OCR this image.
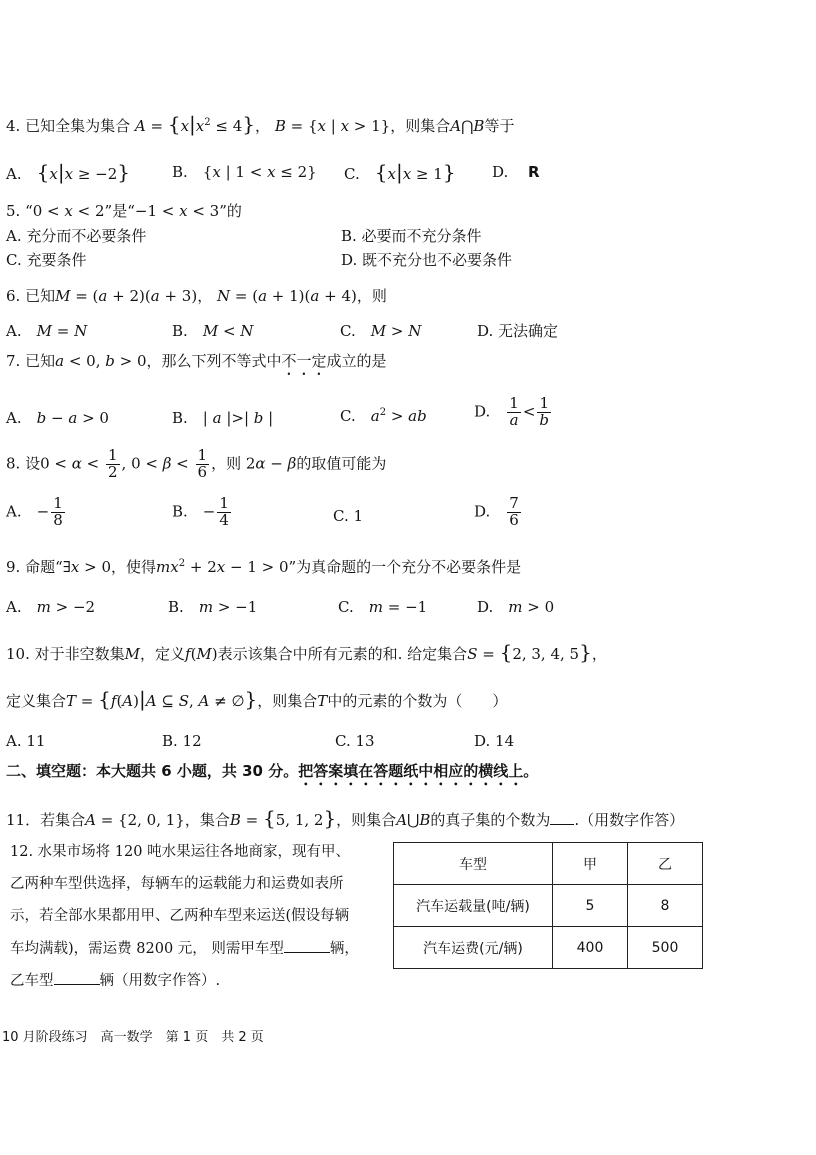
4. 已知全集为集合 $A = \{x|x^2 \le 4\}$， B = {x | x > 1}，则集合A⋂B等于
A.　 {x|x ≥ −2}	B.　{x | 1 < x ≤ 2} C.　 {x|x ≥ 1} D.　 R
5. “0 < x < 2”是“−1 < x < 3”的
A. 充分而不必要条件	B. 必要而不充分条件
C. 充要条件	D. 既不充分也不必要条件
6. 已知M = (a + 2)(a + 3)， N = (a + 1)(a + 4)，则
A.　 M = N	B.　 M < N	C.　 M > N	D. 无法确定
7. 已知a < 0, b > 0，那么下列不等式中不一定成立的是
A.　 b − a > 0	B.　| a |>| b |	C.　 $a^2$ > ab	D.　 $\frac{1}{a} < \frac{1}{b}$
8. 设$0 < \alpha < \frac{1}{2}$ , $0 < \beta < \frac{1}{6}$ ，则 2α − β的取值可能为
A.　− $\frac{1}{8}$	B.　− $\frac{1}{4}$	C. 1	D.　 $\frac{7}{6}$
9. 命题“∃x > 0，使得$mx^2 + 2x - 1 > 0$”为真命题的一个充分不必要条件是
A.　 m > −2	B.　 m > −1	C.　 m = −1	D.　 m > 0
10. 对于非空数集M，定义f(M)表示该集合中所有元素的和. 给定集合S = {2, 3, 4, 5}，
定义集合T = {f(A)|A ⊆ S, A ≠ ∅}，则集合T中的元素的个数为（　　）
A. 11	B. 12	C. 13	D. 14
二、填空题：本大题共 6 小题，共 30 分。把答案填在答题纸中相应的横线上。
11．若集合A = {2, 0, 1}，集合B = {5, 1, 2}，则集合A⋃B的真子集的个数为 .（用数字作答）
12. 水果市场将 120 吨水果运往各地商家，现有甲、
乙两种车型供选择，每辆车的运载能力和运费如表所
示，若全部水果都用甲、乙两种车型来运送(假设每辆
车均满载)，需运费 8200 元， 则需甲车型	辆，
乙车型	辆（用数字作答）.
车型	甲	乙
汽车运载量(吨/辆)	5	8
汽车运费(元/辆)	400	500
10 月阶段练习　高一数学　第 1 页　共 2 页
